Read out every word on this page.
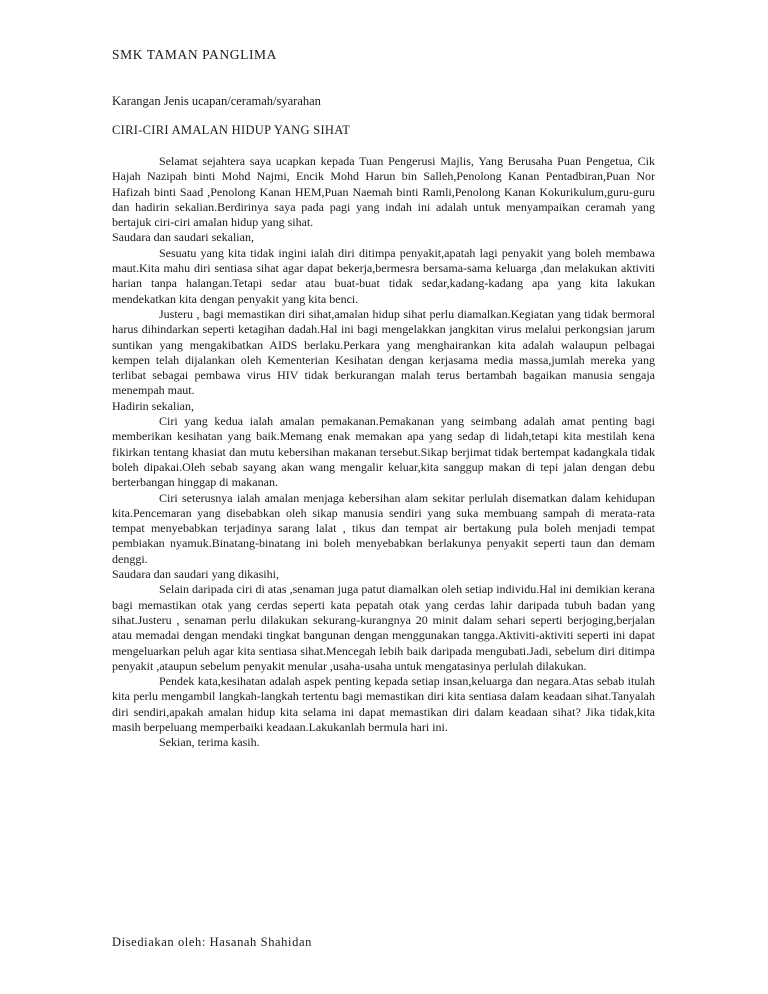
SMK TAMAN PANGLIMA
Karangan Jenis ucapan/ceramah/syarahan
CIRI-CIRI AMALAN HIDUP YANG SIHAT

Selamat sejahtera saya ucapkan kepada Tuan Pengerusi Majlis, Yang Berusaha Puan Pengetua, Cik Hajah Nazipah binti Mohd Najmi, Encik Mohd Harun bin Salleh,Penolong Kanan Pentadbiran,Puan Nor Hafizah binti Saad ,Penolong Kanan HEM,Puan Naemah binti Ramli,Penolong Kanan Kokurikulum,guru-guru dan hadirin sekalian.Berdirinya saya pada pagi yang indah ini adalah untuk menyampaikan ceramah yang bertajuk ciri-ciri amalan hidup yang sihat.

Saudara dan saudari sekalian,

Sesuatu yang kita tidak ingini ialah diri ditimpa penyakit,apatah lagi penyakit yang boleh membawa maut.Kita mahu diri sentiasa sihat agar dapat bekerja,bermesra bersama-sama keluarga ,dan melakukan aktiviti harian tanpa halangan.Tetapi sedar atau buat-buat tidak sedar,kadang-kadang apa yang kita lakukan mendekatkan kita dengan penyakit yang kita benci.

Justeru , bagi memastikan diri sihat,amalan hidup sihat perlu diamalkan.Kegiatan yang tidak bermoral harus dihindarkan seperti ketagihan dadah.Hal ini bagi mengelakkan jangkitan virus melalui perkongsian jarum suntikan yang mengakibatkan AIDS berlaku.Perkara yang menghairankan kita adalah walaupun pelbagai kempen telah dijalankan oleh Kementerian Kesihatan dengan kerjasama media massa,jumlah mereka yang terlibat sebagai pembawa virus HIV tidak berkurangan malah terus bertambah bagaikan manusia sengaja menempah maut.

Hadirin sekalian,

Ciri yang kedua ialah amalan pemakanan.Pemakanan yang seimbang adalah amat penting bagi memberikan kesihatan yang baik.Memang enak memakan apa yang sedap di lidah,tetapi kita mestilah kena fikirkan tentang khasiat dan mutu kebersihan makanan tersebut.Sikap berjimat tidak bertempat kadangkala tidak boleh dipakai.Oleh sebab sayang akan wang mengalir keluar,kita sanggup makan di tepi jalan dengan debu berterbangan hinggap di makanan.

Ciri seterusnya ialah amalan menjaga kebersihan alam sekitar perlulah disematkan dalam kehidupan kita.Pencemaran yang disebabkan oleh sikap manusia sendiri yang suka membuang sampah di merata-rata tempat menyebabkan terjadinya sarang lalat , tikus dan tempat air bertakung pula boleh menjadi tempat pembiakan nyamuk.Binatang-binatang ini boleh menyebabkan berlakunya penyakit seperti taun dan demam denggi.

Saudara dan saudari yang dikasihi,

Selain daripada ciri di atas ,senaman juga patut diamalkan oleh setiap individu.Hal ini demikian kerana bagi memastikan otak yang cerdas seperti kata pepatah otak yang cerdas lahir daripada tubuh badan yang sihat.Justeru , senaman perlu dilakukan sekurang-kurangnya 20 minit dalam sehari seperti berjoging,berjalan atau memadai dengan mendaki tingkat bangunan dengan menggunakan tangga.Aktiviti-aktiviti seperti ini dapat mengeluarkan peluh agar kita sentiasa sihat.Mencegah lebih baik daripada mengubati.Jadi, sebelum diri ditimpa penyakit ,ataupun sebelum penyakit menular ,usaha-usaha untuk mengatasinya perlulah dilakukan.

Pendek kata,kesihatan adalah aspek penting kepada setiap insan,keluarga dan negara.Atas sebab itulah kita perlu mengambil langkah-langkah tertentu bagi memastikan diri kita sentiasa dalam keadaan sihat.Tanyalah diri sendiri,apakah amalan hidup kita selama ini dapat memastikan diri dalam keadaan sihat? Jika tidak,kita masih berpeluang memperbaiki keadaan.Lakukanlah bermula hari ini.

Sekian, terima kasih.

Disediakan oleh: Hasanah Shahidan
